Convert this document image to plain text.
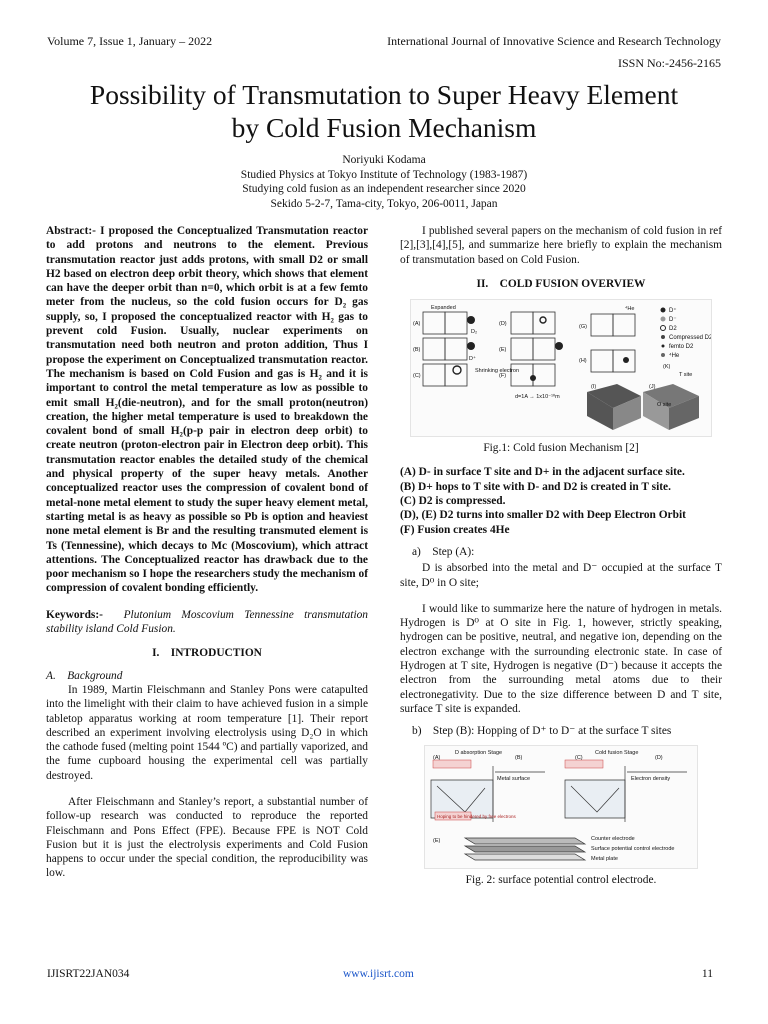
Volume 7, Issue 1, January – 2022	International Journal of Innovative Science and Research Technology
ISSN No:-2456-2165
Possibility of Transmutation to Super Heavy Element
by Cold Fusion Mechanism
Noriyuki Kodama
Studied Physics at Tokyo Institute of Technology (1983-1987)
Studying cold fusion as an independent researcher since 2020
Sekido 5-2-7, Tama-city, Tokyo, 206-0011, Japan

Abstract:- I proposed the Conceptualized Transmutation reactor to add protons and neutrons to the element. Previous transmutation reactor just adds protons, with small D2 or small H2 based on electron deep orbit theory, which shows that element can have the deeper orbit than n=0, which orbit is at a few femto meter from the nucleus, so the cold fusion occurs for D₂ gas supply, so, I proposed the conceptualized reactor with H₂ gas to prevent cold Fusion. Usually, nuclear experiments on transmutation need both neutron and proton addition, Thus I propose the experiment on Conceptualized transmutation reactor. The mechanism is based on Cold Fusion and gas is H₂ and it is important to control the metal temperature as low as possible to emit small H₂(die-neutron), and for the small proton(neutron) creation, the higher metal temperature is used to breakdown the covalent bond of small H₂(p-p pair in electron deep orbit) to create neutron (proton-electron pair in Electron deep orbit). This transmutation reactor enables the detailed study of the chemical and physical property of the super heavy metals. Another conceptualized reactor uses the compression of covalent bond of metal-none metal element to study the super heavy element metal, starting metal is as heavy as possible so Pb is option and heaviest none metal element is Br and the resulting transmuted element is Ts (Tennessine), which decays to Mc (Moscovium), which attract attentions. The Conceptualized reactor has drawback due to the poor mechanism so I hope the researchers study the mechanism of compression of covalent bonding efficiently.

Keywords:- Plutonium Moscovium Tennessine transmutation stability island Cold Fusion.

I. INTRODUCTION

A. Background

In 1989, Martin Fleischmann and Stanley Pons were catapulted into the limelight with their claim to have achieved fusion in a simple tabletop apparatus working at room temperature [1]. Their report described an experiment involving electrolysis using D₂O in which the cathode fused (melting point 1544 ºC) and partially vaporized, and the fume cupboard housing the experimental cell was partially destroyed.

After Fleischmann and Stanley’s report, a substantial number of follow-up research was conducted to reproduce the reported Fleischmann and Pons Effect (FPE). Because FPE is NOT Cold Fusion but it is just the electrolysis experiments and Cold Fusion happens to occur under the special condition, the reproducibility was low.

I published several papers on the mechanism of cold fusion in ref [2],[3],[4],[5], and summarize here briefly to explain the mechanism of transmutation based on Cold Fusion.

II. COLD FUSION OVERVIEW
(A)
(B)
(C)
(D)
(E)
(F)
(G)
(H)
(I)	(J)
(K)
Expanded	⁴He
D₂
D⁺
Shrinking electron
d=1A → 1x10⁻¹⁰m
T site
O site
D⁺
D⁻
D2
Compressed D2
femto D2
⁴He
Fig.1: Cold fusion Mechanism [2]

(A) D- in surface T site and D+ in the adjacent surface site.

(B) D+ hops to T site with D- and D2 is created in T site.

(C) D2 is compressed.

(D), (E) D2 turns into smaller D2 with Deep Electron Orbit

(F) Fusion creates 4He

a) Step (A):

D is absorbed into the metal and D⁻ occupied at the surface T site, D⁰ in O site;

I would like to summarize here the nature of hydrogen in metals. Hydrogen is D⁰ at O site in Fig. 1, however, strictly speaking, hydrogen can be positive, neutral, and negative ion, depending on the electron exchange with the surrounding electronic state. In case of Hydrogen at T site, Hydrogen is negative (D⁻) because it accepts the electron from the surrounding metal atoms due to their electronegativity. Due to the size difference between D and T site, surface T site is expanded.

b) Step (B): Hopping of D⁺ to D⁻ at the surface T sites

D absorption Stage	Cold fusion Stage
(A)	(B)	(C)	(D)
(E)
Metal surface	Electron density
Hoping to be hindered by free electrons
Counter electrode
Surface potential control electrode
Metal plate
Fig. 2: surface potential control electrode.
IJISRT22JAN034	www.ijisrt.com	11
